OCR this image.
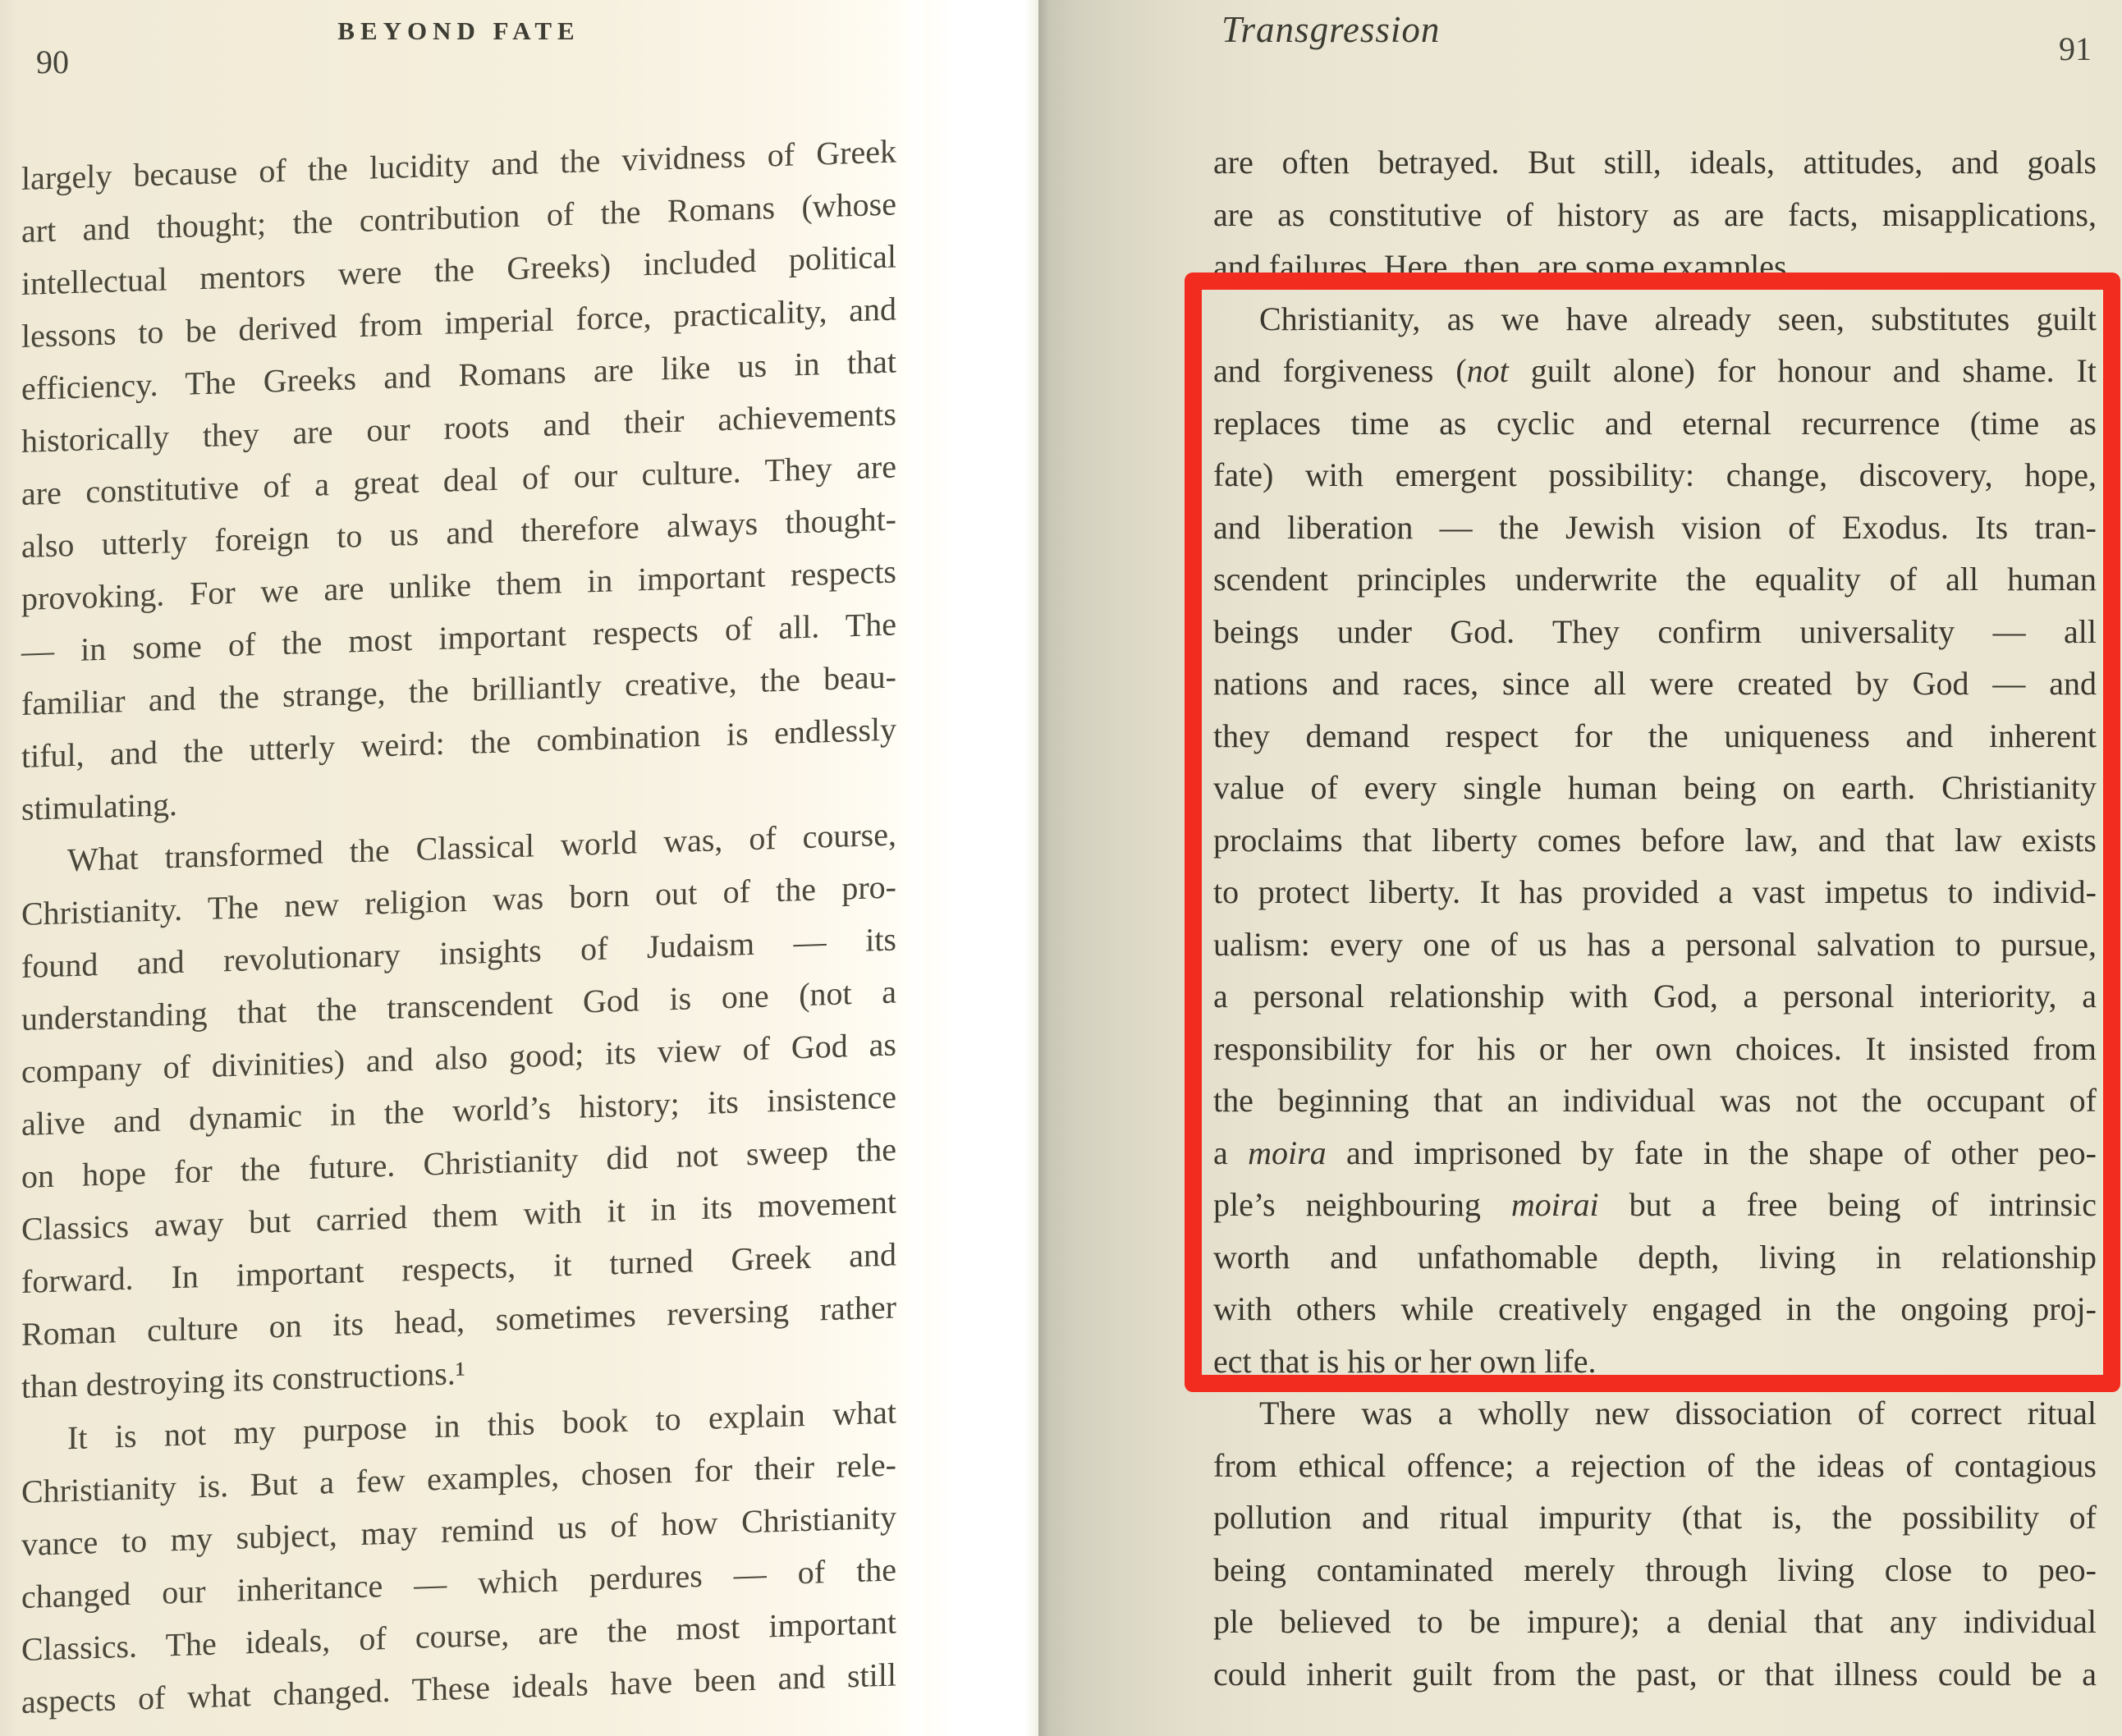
90
BEYOND FATE	Transgression	91
largely because of the lucidity and the vividness of Greek
art and thought; the contribution of the Romans (whose
intellectual mentors were the Greeks) included political
lessons to be derived from imperial force, practicality, and
efficiency. The Greeks and Romans are like us in that
historically they are our roots and their achievements
are constitutive of a great deal of our culture. They are
also utterly foreign to us and therefore always thought-
provoking. For we are unlike them in important respects
— in some of the most important respects of all. The
familiar and the strange, the brilliantly creative, the beau-
tiful, and the utterly weird: the combination is endlessly
stimulating.
What transformed the Classical world was, of course,
Christianity. The new religion was born out of the pro-
found and revolutionary insights of Judaism — its
understanding that the transcendent God is one (not a
company of divinities) and also good; its view of God as
alive and dynamic in the world’s history; its insistence
on hope for the future. Christianity did not sweep the
Classics away but carried them with it in its movement
forward. In important respects, it turned Greek and
Roman culture on its head, sometimes reversing rather
than destroying its constructions.¹
It is not my purpose in this book to explain what
Christianity is. But a few examples, chosen for their rele-
vance to my subject, may remind us of how Christianity
changed our inheritance — which perdures — of the
Classics. The ideals, of course, are the most important
aspects of what changed. These ideals have been and still
are often betrayed. But still, ideals, attitudes, and goals
are as constitutive of history as are facts, misapplications,
and failures. Here, then, are some examples.
Christianity, as we have already seen, substitutes guilt
and forgiveness (not guilt alone) for honour and shame. It
replaces time as cyclic and eternal recurrence (time as
fate) with emergent possibility: change, discovery, hope,
and liberation — the Jewish vision of Exodus. Its tran-
scendent principles underwrite the equality of all human
beings under God. They confirm universality — all
nations and races, since all were created by God — and
they demand respect for the uniqueness and inherent
value of every single human being on earth. Christianity
proclaims that liberty comes before law, and that law exists
to protect liberty. It has provided a vast impetus to individ-
ualism: every one of us has a personal salvation to pursue,
a personal relationship with God, a personal interiority, a
responsibility for his or her own choices. It insisted from
the beginning that an individual was not the occupant of
a moira and imprisoned by fate in the shape of other peo-
ple’s neighbouring moirai but a free being of intrinsic
worth and unfathomable depth, living in relationship
with others while creatively engaged in the ongoing proj-
ect that is his or her own life.
There was a wholly new dissociation of correct ritual
from ethical offence; a rejection of the ideas of contagious
pollution and ritual impurity (that is, the possibility of
being contaminated merely through living close to peo-
ple believed to be impure); a denial that any individual
could inherit guilt from the past, or that illness could be a
